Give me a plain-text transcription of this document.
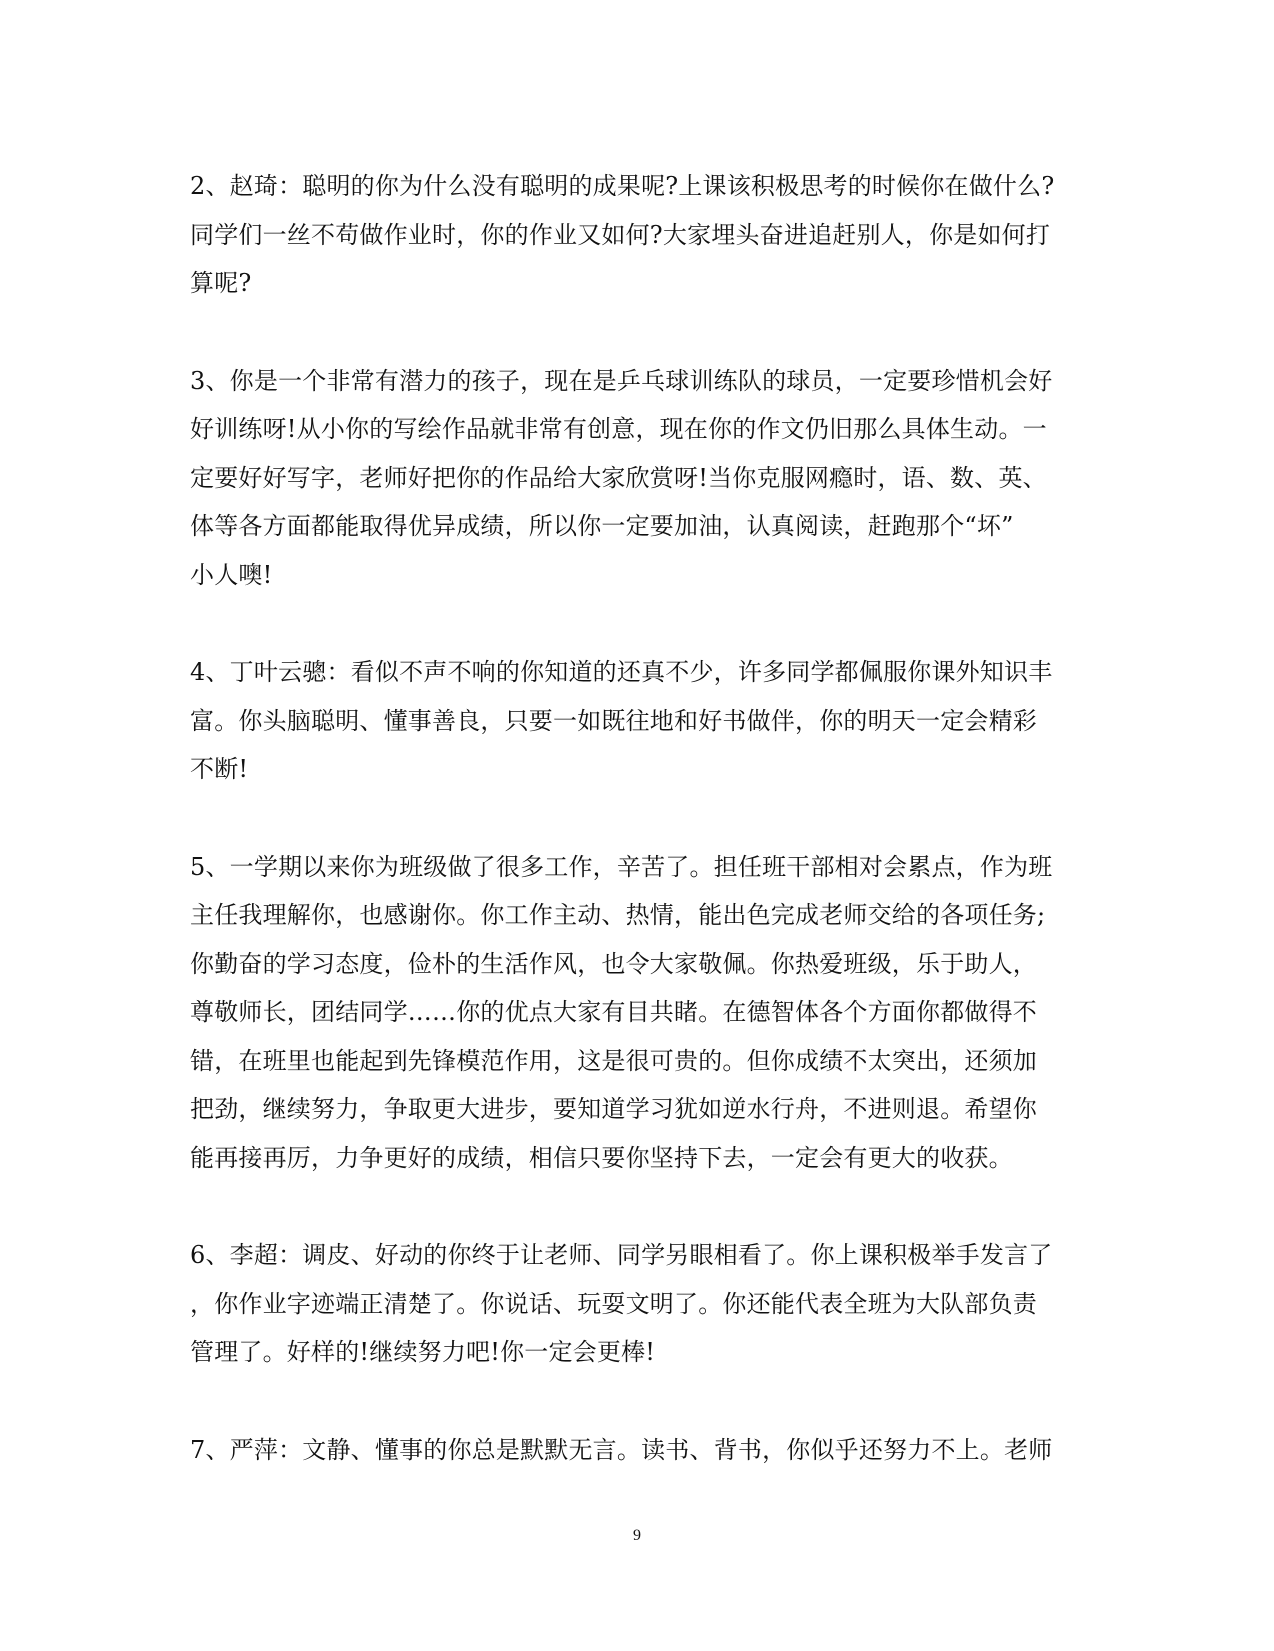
2、赵琦：聪明的你为什么没有聪明的成果呢?上课该积极思考的时候你在做什么?
同学们一丝不苟做作业时，你的作业又如何?大家埋头奋进追赶别人，你是如何打
算呢?

3、你是一个非常有潜力的孩子，现在是乒乓球训练队的球员，一定要珍惜机会好
好训练呀!从小你的写绘作品就非常有创意，现在你的作文仍旧那么具体生动。一
定要好好写字，老师好把你的作品给大家欣赏呀!当你克服网瘾时，语、数、英、
体等各方面都能取得优异成绩，所以你一定要加油，认真阅读，赶跑那个“坏”
小人噢!

4、丁叶云骢：看似不声不响的你知道的还真不少，许多同学都佩服你课外知识丰
富。你头脑聪明、懂事善良，只要一如既往地和好书做伴，你的明天一定会精彩
不断!

5、一学期以来你为班级做了很多工作，辛苦了。担任班干部相对会累点，作为班
主任我理解你，也感谢你。你工作主动、热情，能出色完成老师交给的各项任务;
你勤奋的学习态度，俭朴的生活作风，也令大家敬佩。你热爱班级，乐于助人，
尊敬师长，团结同学……你的优点大家有目共睹。在德智体各个方面你都做得不
错，在班里也能起到先锋模范作用，这是很可贵的。但你成绩不太突出，还须加
把劲，继续努力，争取更大进步，要知道学习犹如逆水行舟，不进则退。希望你
能再接再厉，力争更好的成绩，相信只要你坚持下去，一定会有更大的收获。

6、李超：调皮、好动的你终于让老师、同学另眼相看了。你上课积极举手发言了
，你作业字迹端正清楚了。你说话、玩耍文明了。你还能代表全班为大队部负责
管理了。好样的!继续努力吧!你一定会更棒!

7、严萍：文静、懂事的你总是默默无言。读书、背书，你似乎还努力不上。老师

9
